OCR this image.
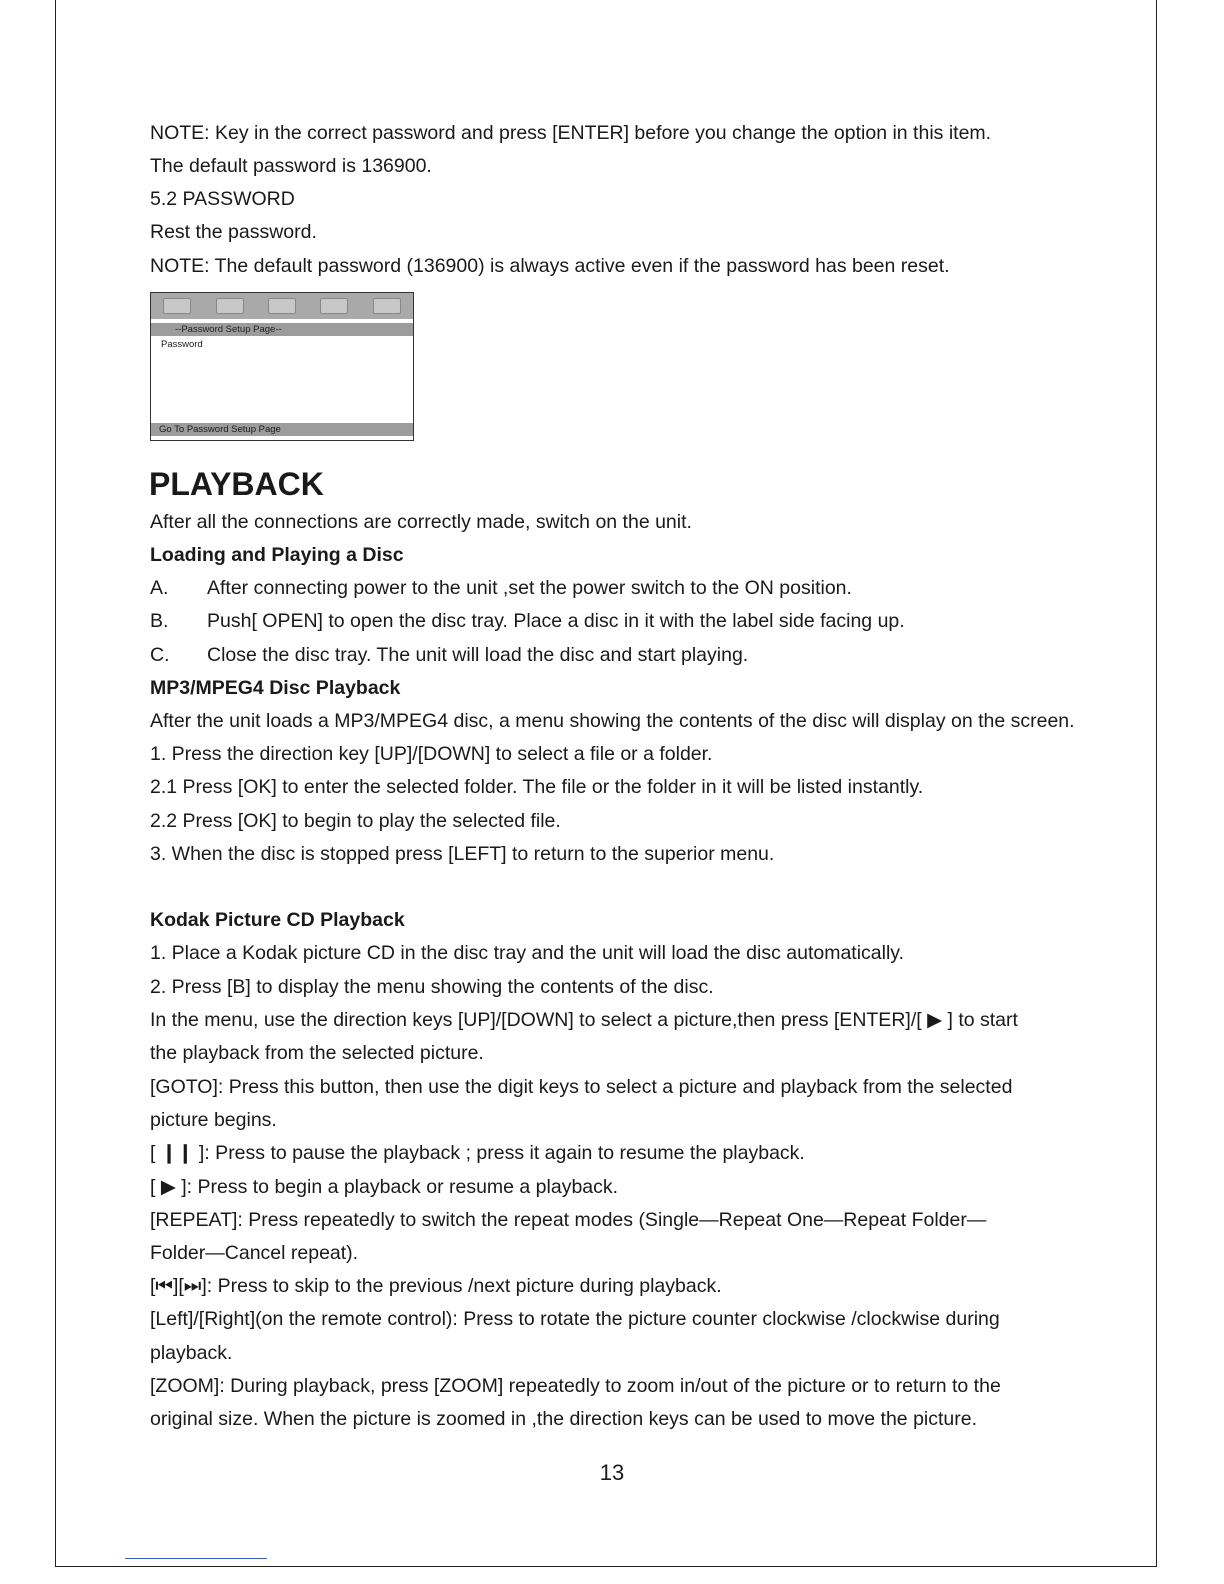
NOTE: Key in the correct password and press [ENTER] before you change the option in this item.
The default password is 136900.
5.2 PASSWORD
Rest the password.
NOTE: The default password (136900) is always active even if the password has been reset.
--Password Setup Page--
Password
Go To Password Setup Page
PLAYBACK
After all the connections are correctly made, switch on the unit.
Loading and Playing a Disc
A. After connecting power to the unit ,set the power switch to the ON position.
B. Push[ OPEN] to open the disc tray. Place a disc in it with the label side facing up.
C. Close the disc tray. The unit will load the disc and start playing.
MP3/MPEG4 Disc Playback
After the unit loads a MP3/MPEG4 disc, a menu showing the contents of the disc will display on the screen.
1. Press the direction key [UP]/[DOWN] to select a file or a folder.
2.1 Press [OK] to enter the selected folder. The file or the folder in it will be listed instantly.
2.2 Press [OK] to begin to play the selected file.
3. When the disc is stopped press [LEFT] to return to the superior menu.
Kodak Picture CD Playback
1. Place a Kodak picture CD in the disc tray and the unit will load the disc automatically.
2. Press [B] to display the menu showing the contents of the disc.
In the menu, use the direction keys [UP]/[DOWN] to select a picture,then press [ENTER]/[ ▶ ] to start
the playback from the selected picture.
[GOTO]: Press this button, then use the digit keys to select a picture and playback from the selected
picture begins.
[ ❙❙ ]: Press to pause the playback ; press it again to resume the playback.
[ ▶ ]: Press to begin a playback or resume a playback.
[REPEAT]: Press repeatedly to switch the repeat modes (Single—Repeat One—Repeat Folder—
Folder—Cancel repeat).
[⏮][⏭]: Press to skip to the previous /next picture during playback.
[Left]/[Right](on the remote control): Press to rotate the picture counter clockwise /clockwise during
playback.
[ZOOM]: During playback, press [ZOOM] repeatedly to zoom in/out of the picture or to return to the
original size. When the picture is zoomed in ,the direction keys can be used to move the picture.
13
